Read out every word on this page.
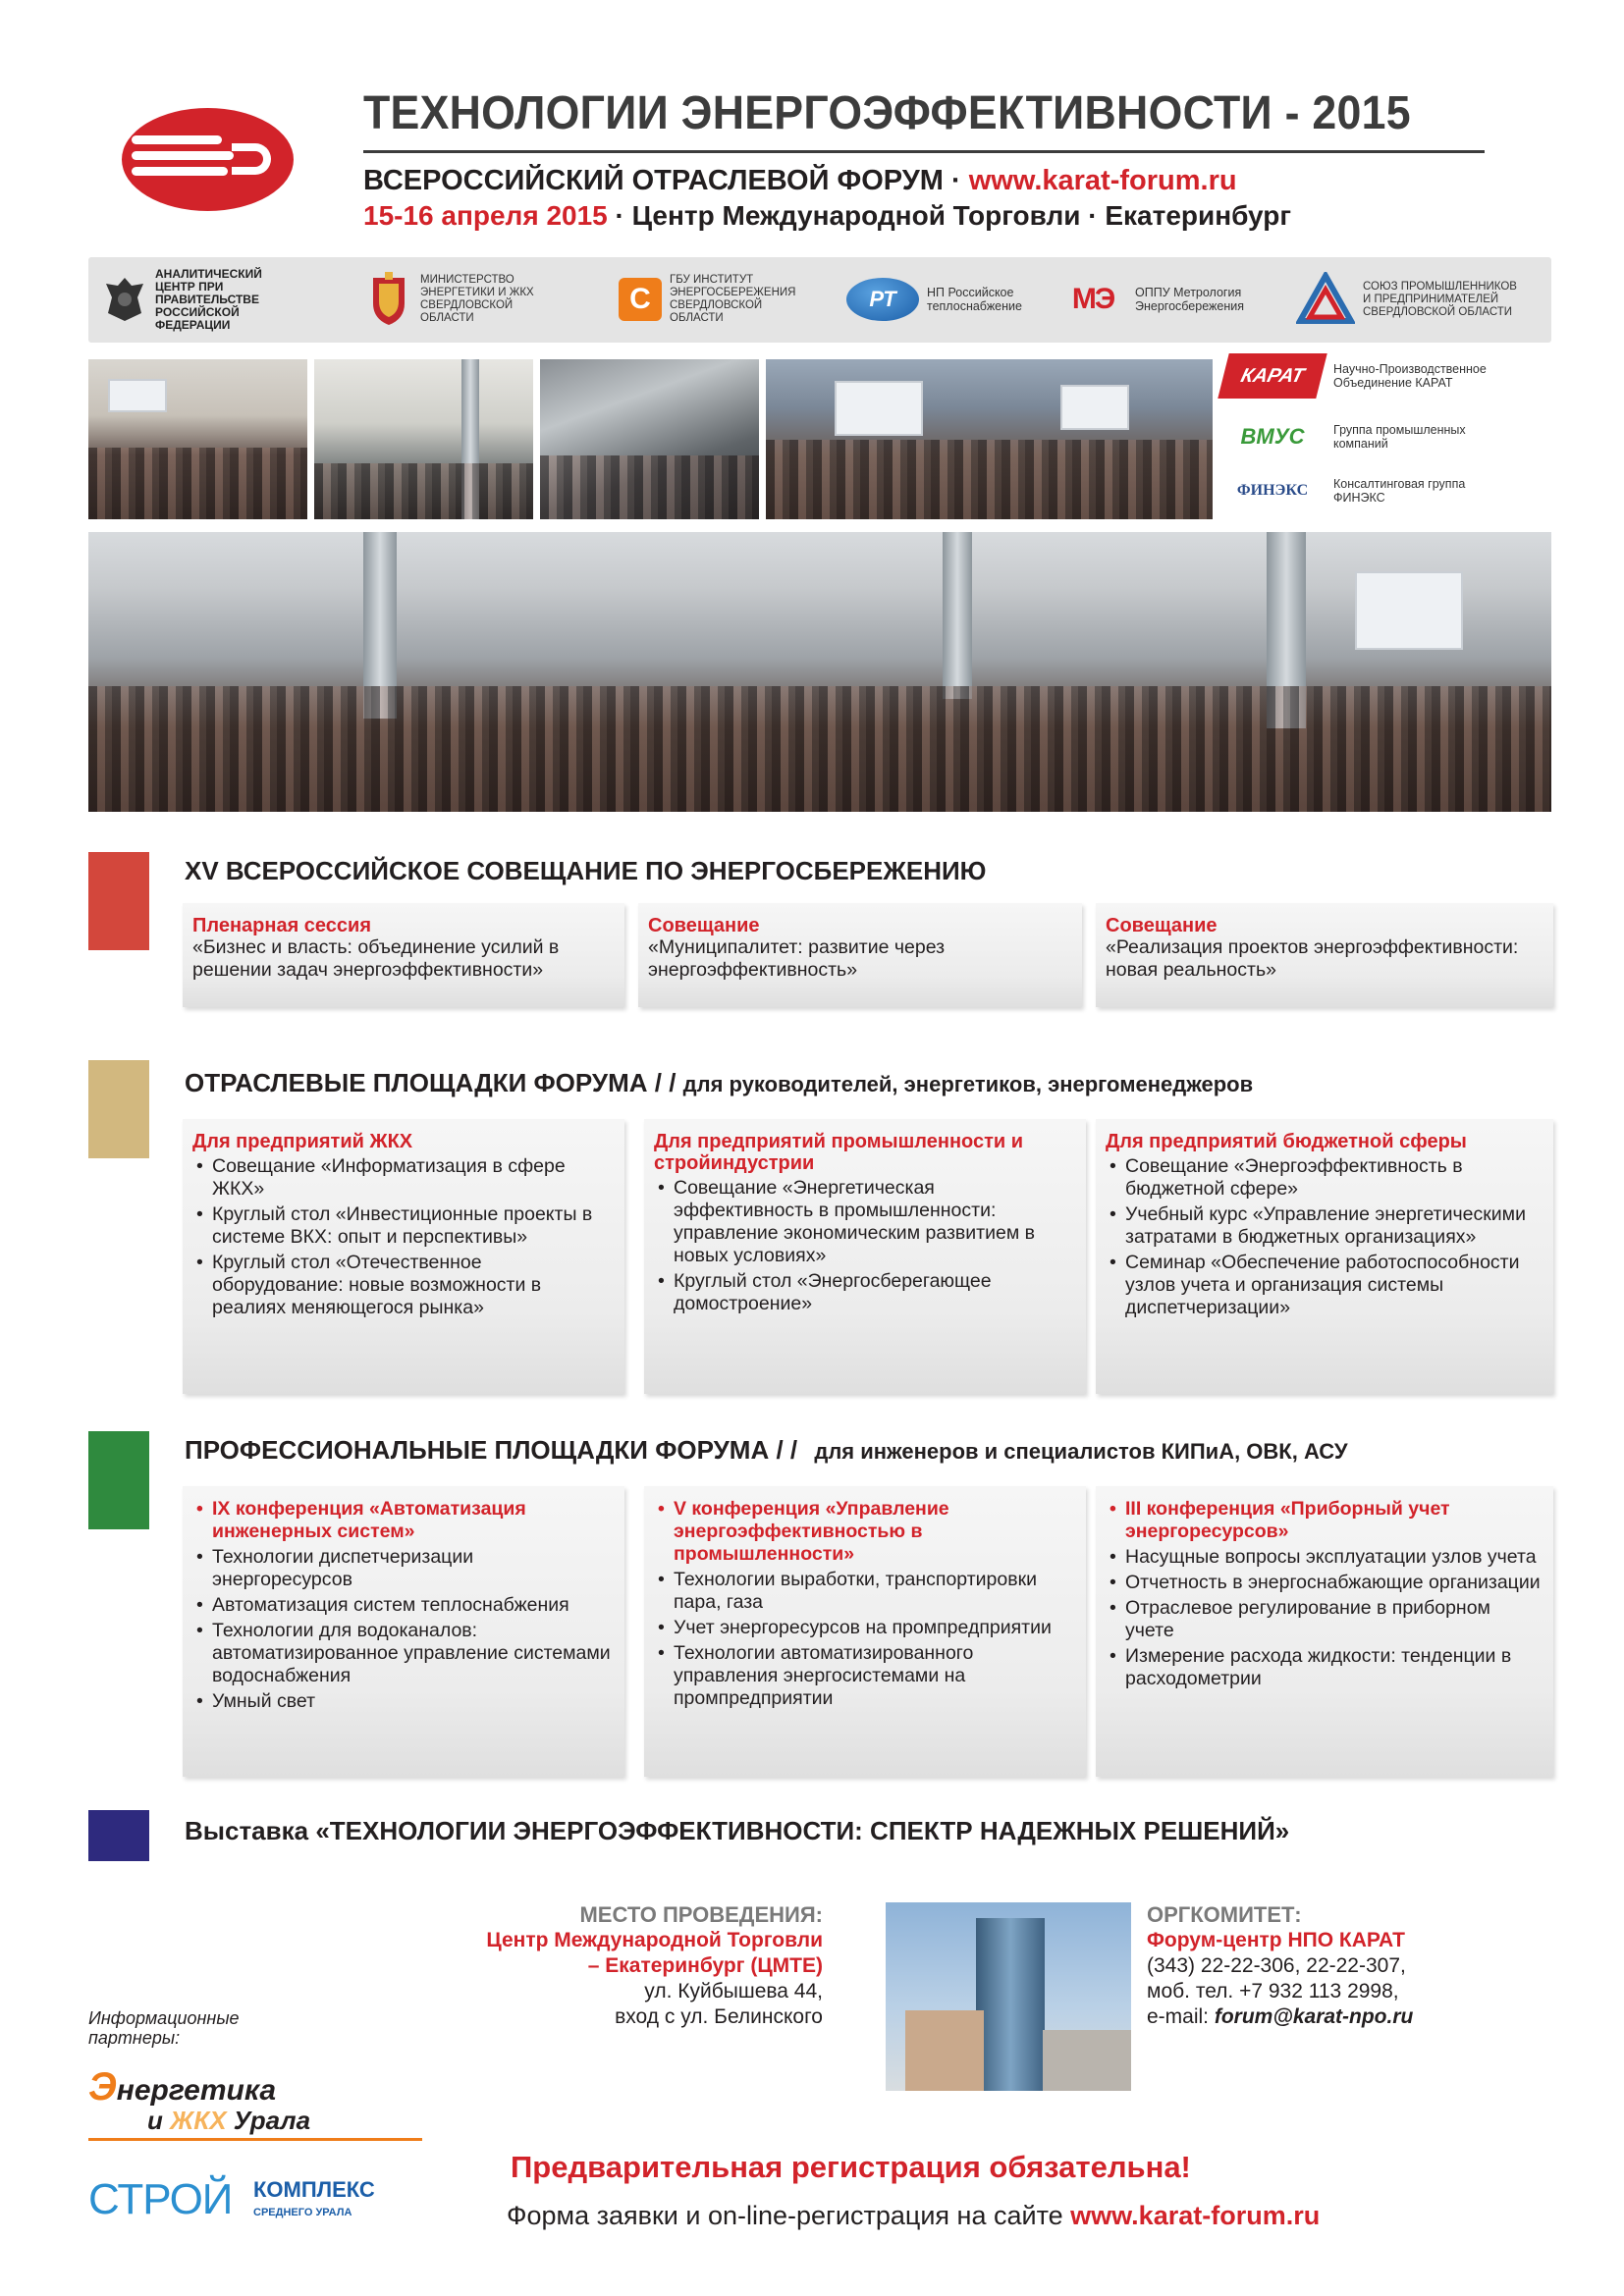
ТЕХНОЛОГИИ ЭНЕРГОЭФФЕКТИВНОСТИ - 2015
ВСЕРОССИЙСКИЙ ОТРАСЛЕВОЙ ФОРУМ · www.karat-forum.ru
15-16 апреля 2015 · Центр Международной Торговли · Екатеринбург
АНАЛИТИЧЕСКИЙ ЦЕНТР ПРИ ПРАВИТЕЛЬСТВЕ РОССИЙСКОЙ ФЕДЕРАЦИИ
МИНИСТЕРСТВО ЭНЕРГЕТИКИ И ЖКХ СВЕРДЛОВСКОЙ ОБЛАСТИ
С
ГБУ ИНСТИТУТ ЭНЕРГОСБЕРЕЖЕНИЯ СВЕРДЛОВСКОЙ ОБЛАСТИ
РТ	НП Российское теплоснабжение	МЭ	ОППУ Метрология Энергосбережения
СОЮЗ ПРОМЫШЛЕННИКОВ И ПРЕДПРИНИМАТЕЛЕЙ СВЕРДЛОВСКОЙ ОБЛАСТИ
КАРАТ	Научно-Производственное Объединение КАРАТ
ВМУС	Группа промышленных компаний
ФИНЭКС	Консалтинговая группа ФИНЭКС
XV ВСЕРОССИЙСКОЕ СОВЕЩАНИЕ ПО ЭНЕРГОСБЕРЕЖЕНИЮ
Пленарная сессия
«Бизнес и власть: объединение усилий в решении задач энергоэффективности»
Совещание
«Муниципалитет: развитие через энергоэффективность»
Совещание
«Реализация проектов энергоэффективности: новая реальность»
ОТРАСЛЕВЫЕ ПЛОЩАДКИ ФОРУМА / / для руководителей, энергетиков, энергоменеджеров
Для предприятий ЖКХ
• Совещание «Информатизация в сфере ЖКХ»
• Круглый стол «Инвестиционные проекты в системе ВКХ: опыт и перспективы»
• Круглый стол «Отечественное оборудование: новые возможности в реалиях меняющегося рынка»
Для предприятий промышленности и стройиндустрии
• Совещание «Энергетическая эффективность в промышленности: управление экономическим развитием в новых условиях»
• Круглый стол «Энергосберегающее домостроение»
Для предприятий бюджетной сферы
• Совещание «Энергоэффективность в бюджетной сфере»
• Учебный курс «Управление энергетическими затратами в бюджетных организациях»
• Семинар «Обеспечение работоспособности узлов учета и организация системы диспетчеризации»
ПРОФЕССИОНАЛЬНЫЕ ПЛОЩАДКИ ФОРУМА / / для инженеров и специалистов КИПиА, ОВК, АСУ
• IX конференция «Автоматизация инженерных систем»
• Технологии диспетчеризации энергоресурсов
• Автоматизация систем теплоснабжения
• Технологии для водоканалов: автоматизированное управление системами водоснабжения
• Умный свет
• V конференция «Управление энергоэффективностью в промышленности»
• Технологии выработки, транспортировки пара, газа
• Учет энергоресурсов на промпредприятии
• Технологии автоматизированного управления энергосистемами на промпредприятии
• III конференция «Приборный учет энергоресурсов»
• Насущные вопросы эксплуатации узлов учета
• Отчетность в энергоснабжающие организации
• Отраслевое регулирование в приборном учете
• Измерение расхода жидкости: тенденции в расходометрии
Выставка «ТЕХНОЛОГИИ ЭНЕРГОЭФФЕКТИВНОСТИ: СПЕКТР НАДЕЖНЫХ РЕШЕНИЙ»
МЕСТО ПРОВЕДЕНИЯ:
Центр Международной Торговли
– Екатеринбург (ЦМТЕ)
ул. Куйбышева 44,
вход с ул. Белинского
ОРГКОМИТЕТ:
Форум-центр НПО КАРАТ
(343) 22-22-306, 22-22-307,
моб. тел. +7 932 113 2998,
e-mail: forum@karat-npo.ru
Информационные
партнеры:
Энергетика
и ЖКХ Урала
СТРОЙ КОМПЛЕКС
СРЕДНЕГО УРАЛА
Предварительная регистрация обязательна!
Форма заявки и on-line-регистрация на сайте www.karat-forum.ru
